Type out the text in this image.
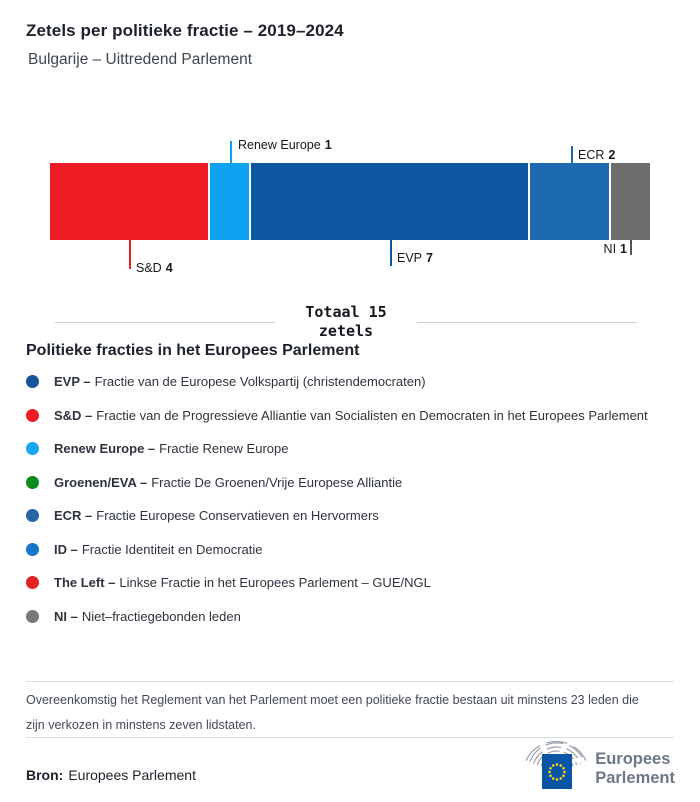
Zetels per politieke fractie – 2019–2024
Bulgarije – Uittredend Parlement
Renew Europe 1
ECR 2
S&D 4
EVP 7
NI 1
Totaal 15
zetels
Politieke fracties in het Europees Parlement
EVP – Fractie van de Europese Volkspartij (christendemocraten)
S&D – Fractie van de Progressieve Alliantie van Socialisten en Democraten in het Europees Parlement
Renew Europe – Fractie Renew Europe
Groenen/EVA – Fractie De Groenen/Vrije Europese Alliantie
ECR – Fractie Europese Conservatieven en Hervormers
ID – Fractie Identiteit en Democratie
The Left – Linkse Fractie in het Europees Parlement – GUE/NGL
NI – Niet–fractiegebonden leden
Overeenkomstig het Reglement van het Parlement moet een politieke fractie bestaan uit minstens 23 leden die zijn verkozen in minstens zeven lidstaten.
Bron: Europees Parlement
Europees
Parlement
